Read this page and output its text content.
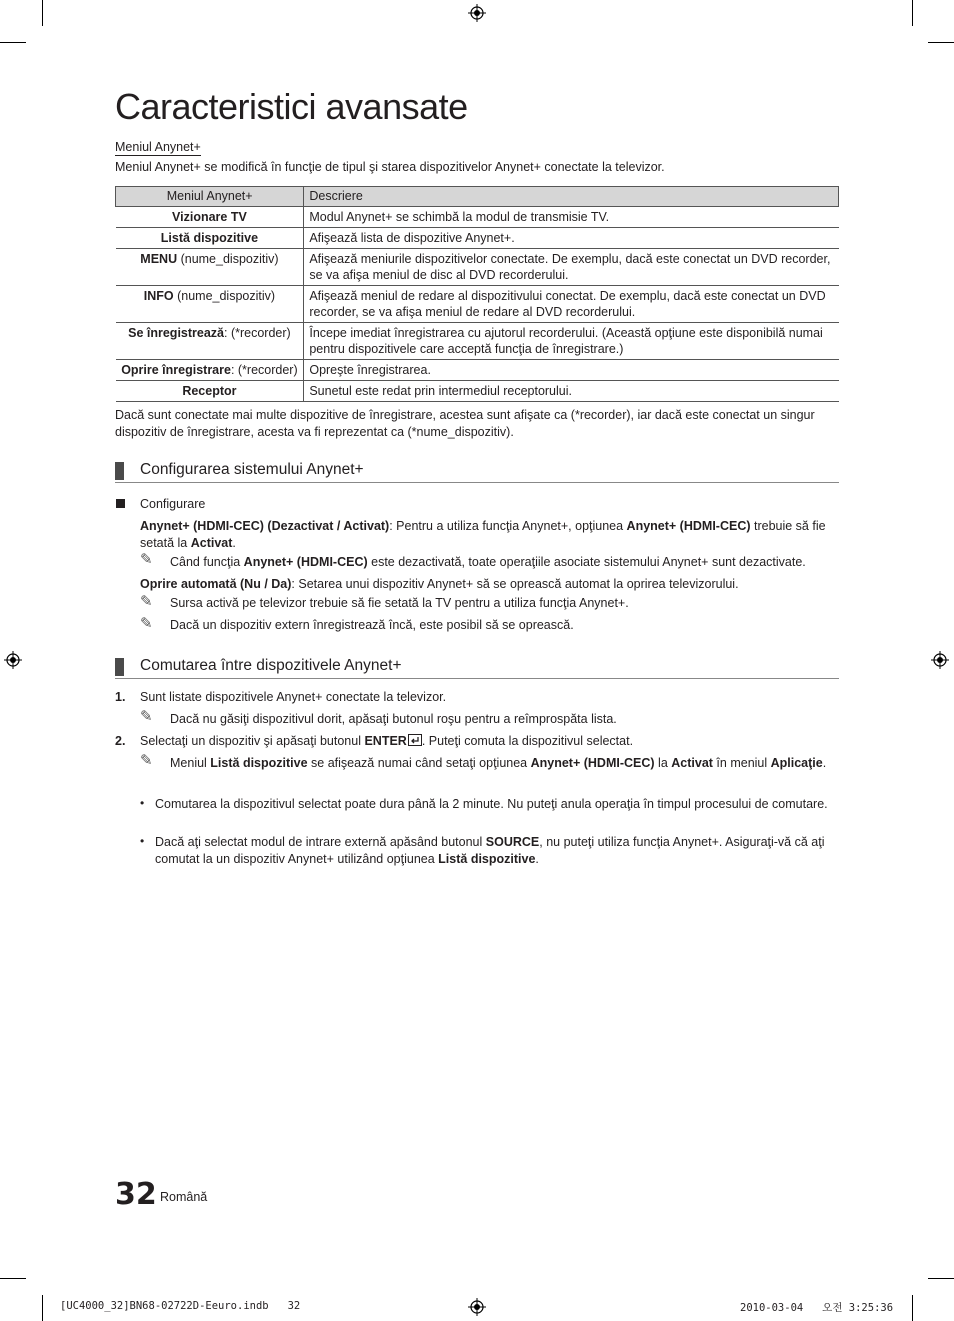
Caracteristici avansate
Meniul Anynet+
Meniul Anynet+ se modifică în funcţie de tipul şi starea dispozitivelor Anynet+ conectate la televizor.
Meniul Anynet+	Descriere
Vizionare TV	Modul Anynet+ se schimbă la modul de transmisie TV.
Listă dispozitive	Afişează lista de dispozitive Anynet+.
MENU (nume_dispozitiv)	Afişează meniurile dispozitivelor conectate. De exemplu, dacă este conectat un DVD recorder, se va afişa meniul de disc al DVD recorderului.
INFO (nume_dispozitiv)	Afişează meniul de redare al dispozitivului conectat. De exemplu, dacă este conectat un DVD recorder, se va afişa meniul de redare al DVD recorderului.
Se înregistrează: (*recorder)	Începe imediat înregistrarea cu ajutorul recorderului. (Această opţiune este disponibilă numai pentru dispozitivele care acceptă funcţia de înregistrare.)
Oprire înregistrare: (*recorder)	Opreşte înregistrarea.
Receptor	Sunetul este redat prin intermediul receptorului.
Dacă sunt conectate mai multe dispozitive de înregistrare, acestea sunt afişate ca (*recorder), iar dacă este conectat un singur dispozitiv de înregistrare, acesta va fi reprezentat ca (*nume_dispozitiv).
Configurarea sistemului Anynet+
Configurare
Anynet+ (HDMI-CEC) (Dezactivat / Activat): Pentru a utiliza funcţia Anynet+, opţiunea Anynet+ (HDMI-CEC) trebuie să fie setată la Activat.
✎ Când funcţia Anynet+ (HDMI-CEC) este dezactivată, toate operaţiile asociate sistemului Anynet+ sunt dezactivate.
Oprire automată (Nu / Da): Setarea unui dispozitiv Anynet+ să se oprească automat la oprirea televizorului.
✎ Sursa activă pe televizor trebuie să fie setată la TV pentru a utiliza funcţia Anynet+.
✎ Dacă un dispozitiv extern înregistrează încă, este posibil să se oprească.
Comutarea între dispozitivele Anynet+
1. Sunt listate dispozitivele Anynet+ conectate la televizor.
✎ Dacă nu găsiţi dispozitivul dorit, apăsaţi butonul roşu pentru a reîmprospăta lista.
2. Selectaţi un dispozitiv şi apăsaţi butonul ENTER . Puteţi comuta la dispozitivul selectat.
✎ Meniul Listă dispozitive se afişează numai când setaţi opţiunea Anynet+ (HDMI-CEC) la Activat în meniul Aplicaţie.
• Comutarea la dispozitivul selectat poate dura până la 2 minute. Nu puteţi anula operaţia în timpul procesului de comutare.
• Dacă aţi selectat modul de intrare externă apăsând butonul SOURCE, nu puteţi utiliza funcţia Anynet+. Asiguraţi-vă că aţi comutat la un dispozitiv Anynet+ utilizând opţiunea Listă dispozitive.
32 Română
[UC4000_32]BN68-02722D-Eeuro.indb   32	2010-03-04   오전 3:25:36
